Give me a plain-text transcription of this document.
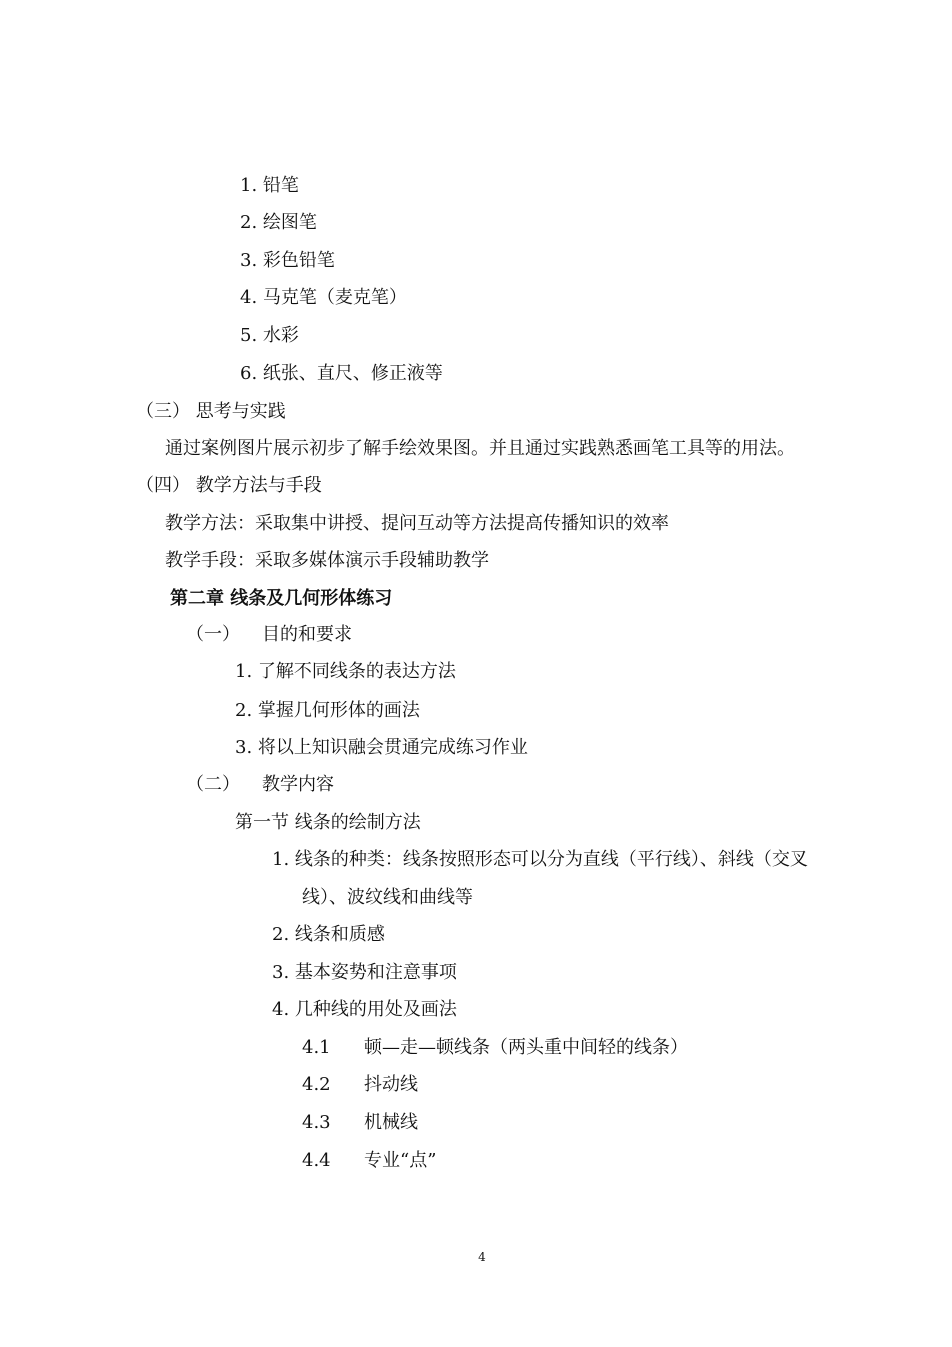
1. 铅笔
2. 绘图笔
3. 彩色铅笔
4. 马克笔（麦克笔）
5. 水彩
6. 纸张、直尺、修正液等
（三） 思考与实践
通过案例图片展示初步了解手绘效果图。并且通过实践熟悉画笔工具等的用法。
（四） 教学方法与手段
教学方法：采取集中讲授、提问互动等方法提高传播知识的效率
教学手段：采取多媒体演示手段辅助教学
第二章 线条及几何形体练习
（一） 目的和要求
1. 了解不同线条的表达方法
2. 掌握几何形体的画法
3. 将以上知识融会贯通完成练习作业
（二） 教学内容
第一节 线条的绘制方法
1. 线条的种类：线条按照形态可以分为直线（平行线）、斜线（交叉
线）、波纹线和曲线等
2. 线条和质感
3. 基本姿势和注意事项
4. 几种线的用处及画法
4.1 顿—走—顿线条（两头重中间轻的线条）
4.2 抖动线
4.3 机械线
4.4 专业“点”
4
